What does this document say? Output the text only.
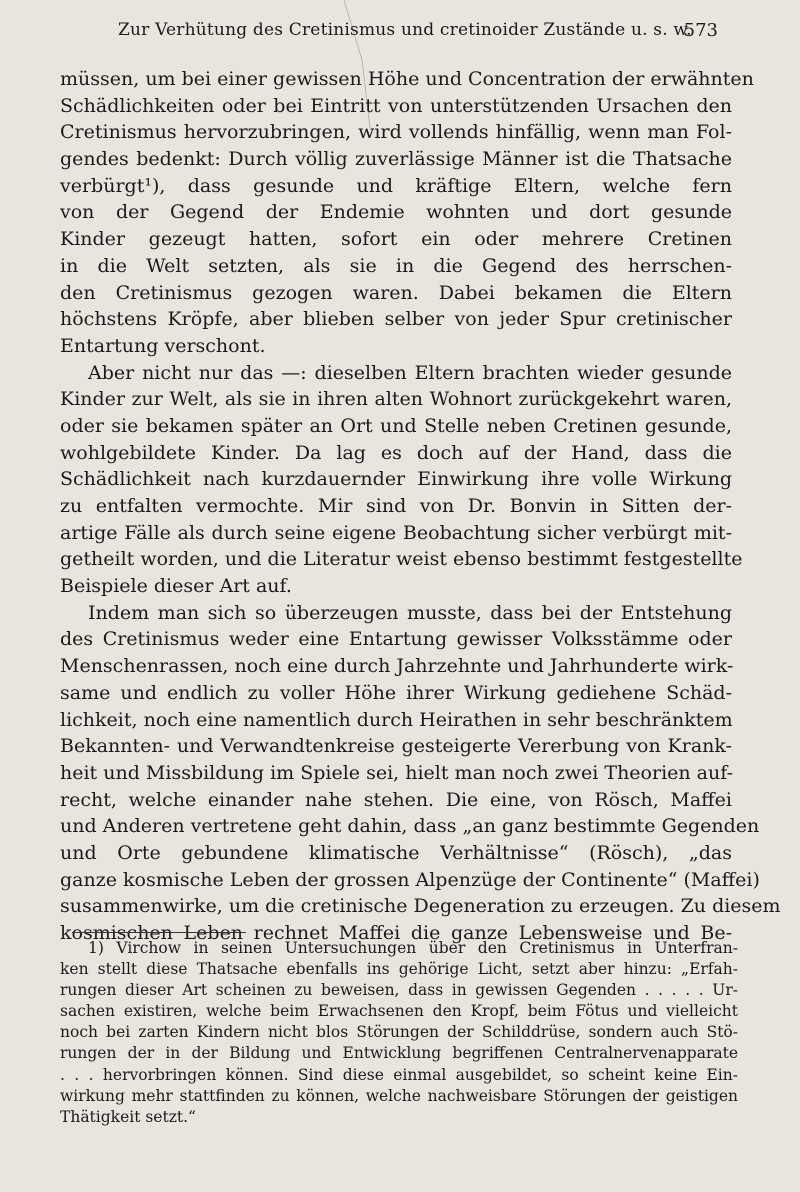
Zur Verhütung des Cretinismus und cretinoider Zustände u. s. w.
573
müssen, um bei einer gewissen Höhe und Concentration der erwähnten
Schädlichkeiten oder bei Eintritt von unterstützenden Ursachen den
Cretinismus hervorzubringen, wird vollends hinfällig, wenn man Fol-
gendes bedenkt: Durch völlig zuverlässige Männer ist die Thatsache
verbürgt¹), dass gesunde und kräftige Eltern, welche fern
von der Gegend der Endemie wohnten und dort gesunde
Kinder gezeugt hatten, sofort ein oder mehrere Cretinen
in die Welt setzten, als sie in die Gegend des herrschen-
den Cretinismus gezogen waren. Dabei bekamen die Eltern
höchstens Kröpfe, aber blieben selber von jeder Spur cretinischer
Entartung verschont.
Aber nicht nur das —: dieselben Eltern brachten wieder gesunde
Kinder zur Welt, als sie in ihren alten Wohnort zurückgekehrt waren,
oder sie bekamen später an Ort und Stelle neben Cretinen gesunde,
wohlgebildete Kinder. Da lag es doch auf der Hand, dass die
Schädlichkeit nach kurzdauernder Einwirkung ihre volle Wirkung
zu entfalten vermochte. Mir sind von Dr. Bonvin in Sitten der-
artige Fälle als durch seine eigene Beobachtung sicher verbürgt mit-
getheilt worden, und die Literatur weist ebenso bestimmt festgestellte
Beispiele dieser Art auf.
Indem man sich so überzeugen musste, dass bei der Entstehung
des Cretinismus weder eine Entartung gewisser Volksstämme oder
Menschenrassen, noch eine durch Jahrzehnte und Jahrhunderte wirk-
same und endlich zu voller Höhe ihrer Wirkung gediehene Schäd-
lichkeit, noch eine namentlich durch Heirathen in sehr beschränktem
Bekannten- und Verwandtenkreise gesteigerte Vererbung von Krank-
heit und Missbildung im Spiele sei, hielt man noch zwei Theorien auf-
recht, welche einander nahe stehen. Die eine, von Rösch, Maffei
und Anderen vertretene geht dahin, dass „an ganz bestimmte Gegenden
und Orte gebundene klimatische Verhältnisse“ (Rösch), „das
ganze kosmische Leben der grossen Alpenzüge der Continente“ (Maffei)
susammenwirke, um die cretinische Degeneration zu erzeugen. Zu diesem
kosmischen Leben rechnet Maffei die ganze Lebensweise und Be-
1) Virchow in seinen Untersuchungen über den Cretinismus in Unterfran-
ken stellt diese Thatsache ebenfalls ins gehörige Licht, setzt aber hinzu: „Erfah-
rungen dieser Art scheinen zu beweisen, dass in gewissen Gegenden . . . . . Ur-
sachen existiren, welche beim Erwachsenen den Kropf, beim Fötus und vielleicht
noch bei zarten Kindern nicht blos Störungen der Schilddrüse, sondern auch Stö-
rungen der in der Bildung und Entwicklung begriffenen Centralnervenapparate
. . . hervorbringen können. Sind diese einmal ausgebildet, so scheint keine Ein-
wirkung mehr stattfinden zu können, welche nachweisbare Störungen der geistigen
Thätigkeit setzt.“
